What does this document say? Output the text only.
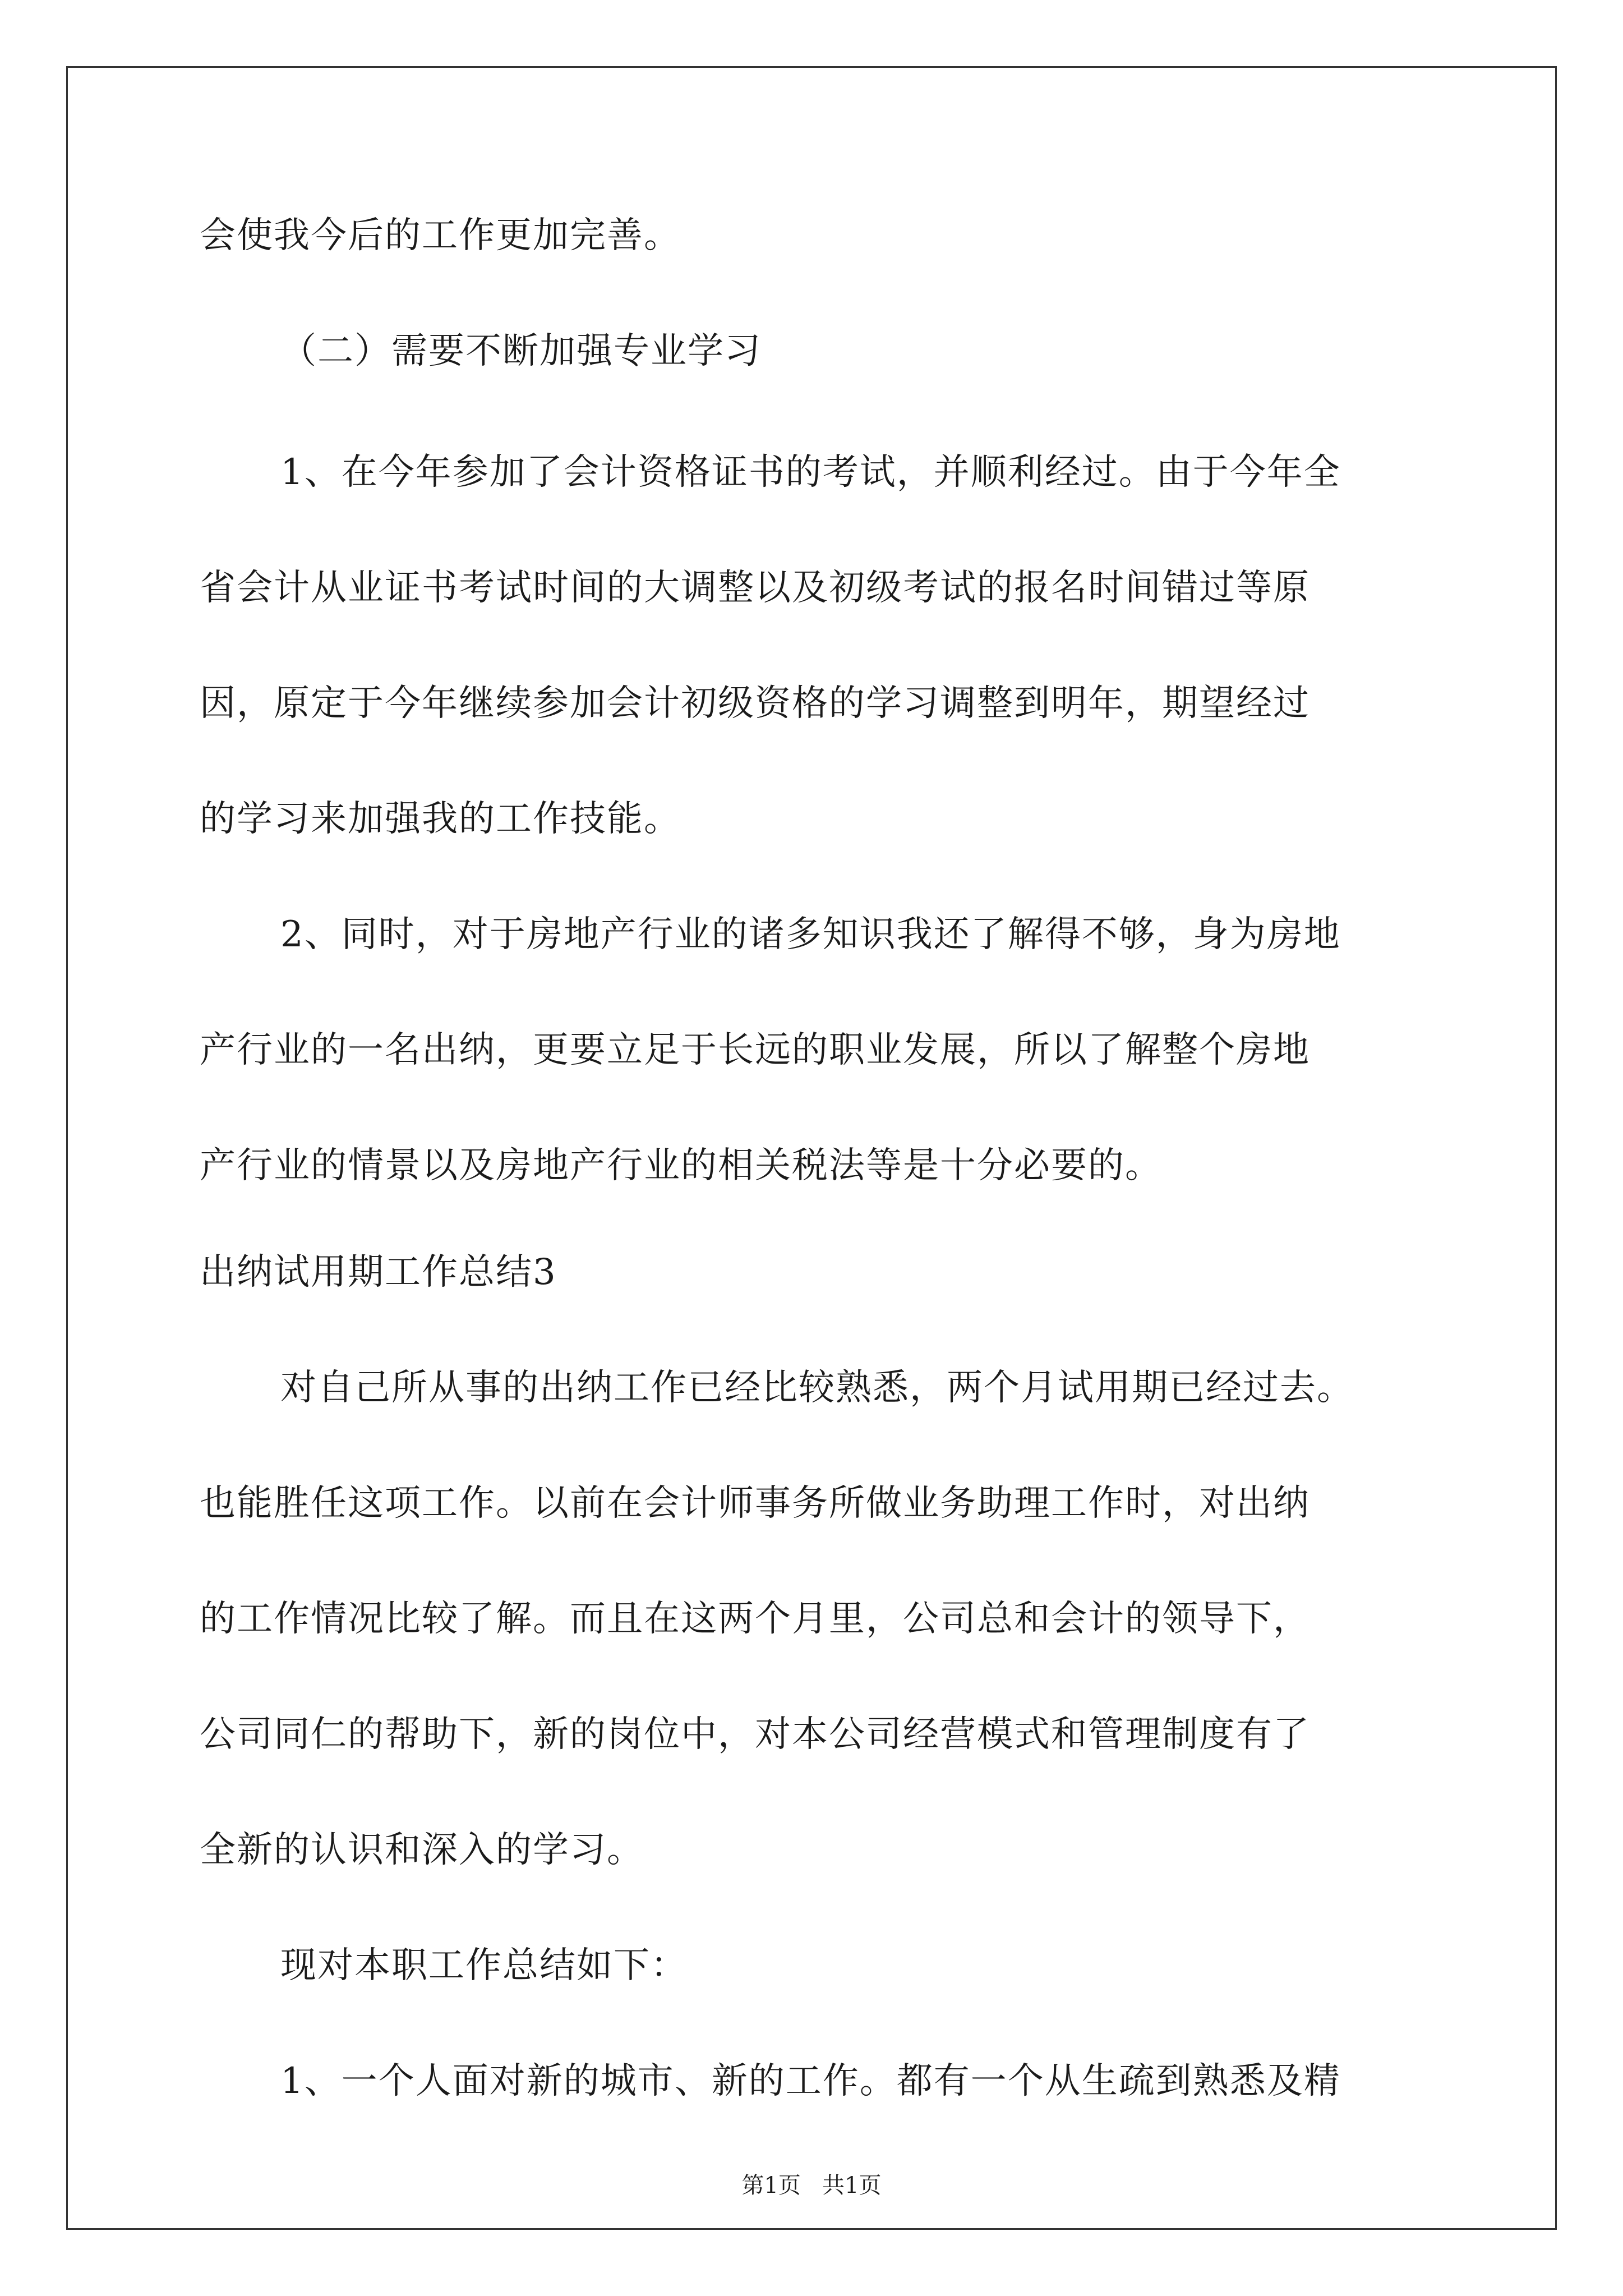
会使我今后的工作更加完善。
（二）需要不断加强专业学习
1、在今年参加了会计资格证书的考试，并顺利经过。由于今年全
省会计从业证书考试时间的大调整以及初级考试的报名时间错过等原
因，原定于今年继续参加会计初级资格的学习调整到明年，期望经过
的学习来加强我的工作技能。
2、同时，对于房地产行业的诸多知识我还了解得不够，身为房地
产行业的一名出纳，更要立足于长远的职业发展，所以了解整个房地
产行业的情景以及房地产行业的相关税法等是十分必要的。
出纳试用期工作总结3
对自己所从事的出纳工作已经比较熟悉，两个月试用期已经过去。
也能胜任这项工作。以前在会计师事务所做业务助理工作时，对出纳
的工作情况比较了解。而且在这两个月里，公司总和会计的领导下，
公司同仁的帮助下，新的岗位中，对本公司经营模式和管理制度有了
全新的认识和深入的学习。
现对本职工作总结如下：
1、一个人面对新的城市、新的工作。都有一个从生疏到熟悉及精
第1页   共1页
